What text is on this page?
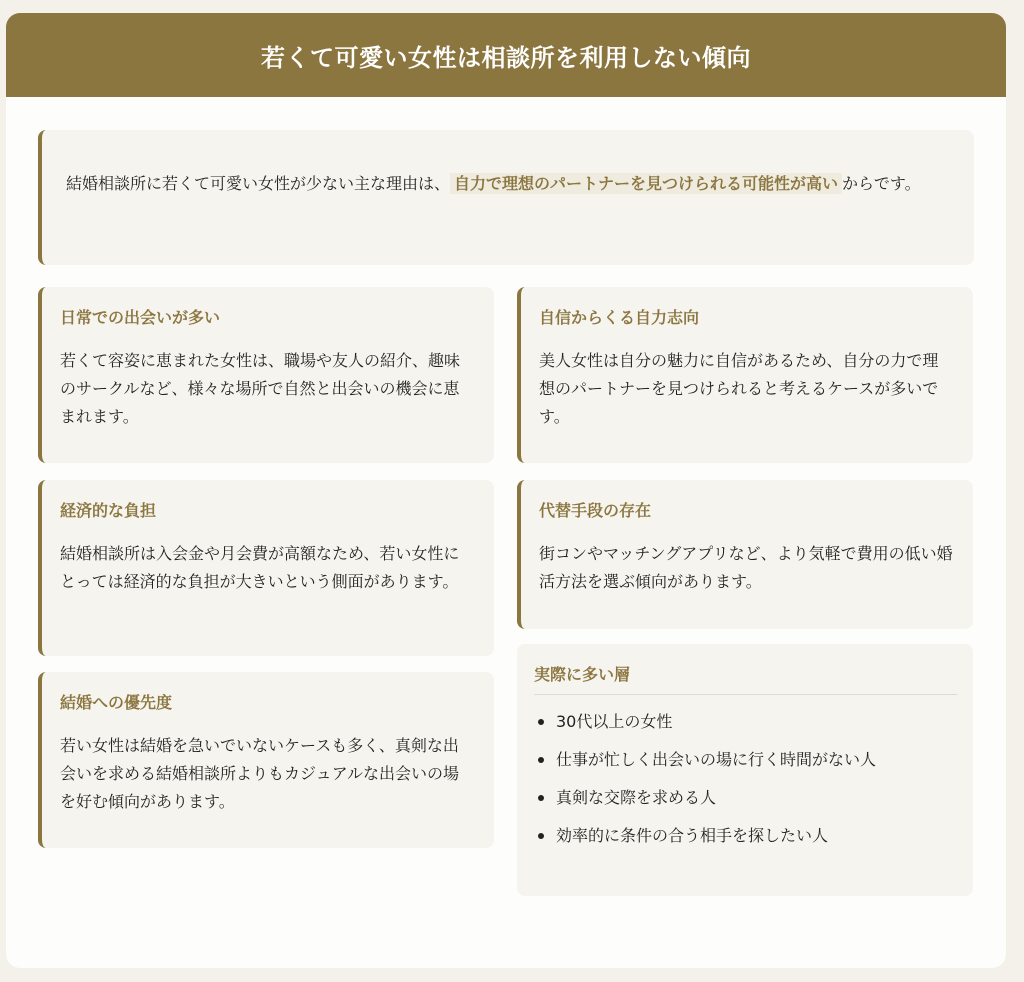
若くて可愛い女性は相談所を利用しない傾向
結婚相談所に若くて可愛い女性が少ない主な理由は、 自力で理想のパートナーを見つけられる可能性が高い からです。
日常での出会いが多い

若くて容姿に恵まれた女性は、職場や友人の紹介、趣味のサークルなど、様々な場所で自然と出会いの機会に恵まれます。

自信からくる自力志向

美人女性は自分の魅力に自信があるため、自分の力で理想のパートナーを見つけられると考えるケースが多いです。

経済的な負担

結婚相談所は入会金や月会費が高額なため、若い女性にとっては経済的な負担が大きいという側面があります。

代替手段の存在

街コンやマッチングアプリなど、より気軽で費用の低い婚活方法を選ぶ傾向があります。

結婚への優先度

若い女性は結婚を急いでいないケースも多く、真剣な出会いを求める結婚相談所よりもカジュアルな出会いの場を好む傾向があります。

実際に多い層
30代以上の女性
仕事が忙しく出会いの場に行く時間がない人
真剣な交際を求める人
効率的に条件の合う相手を探したい人
